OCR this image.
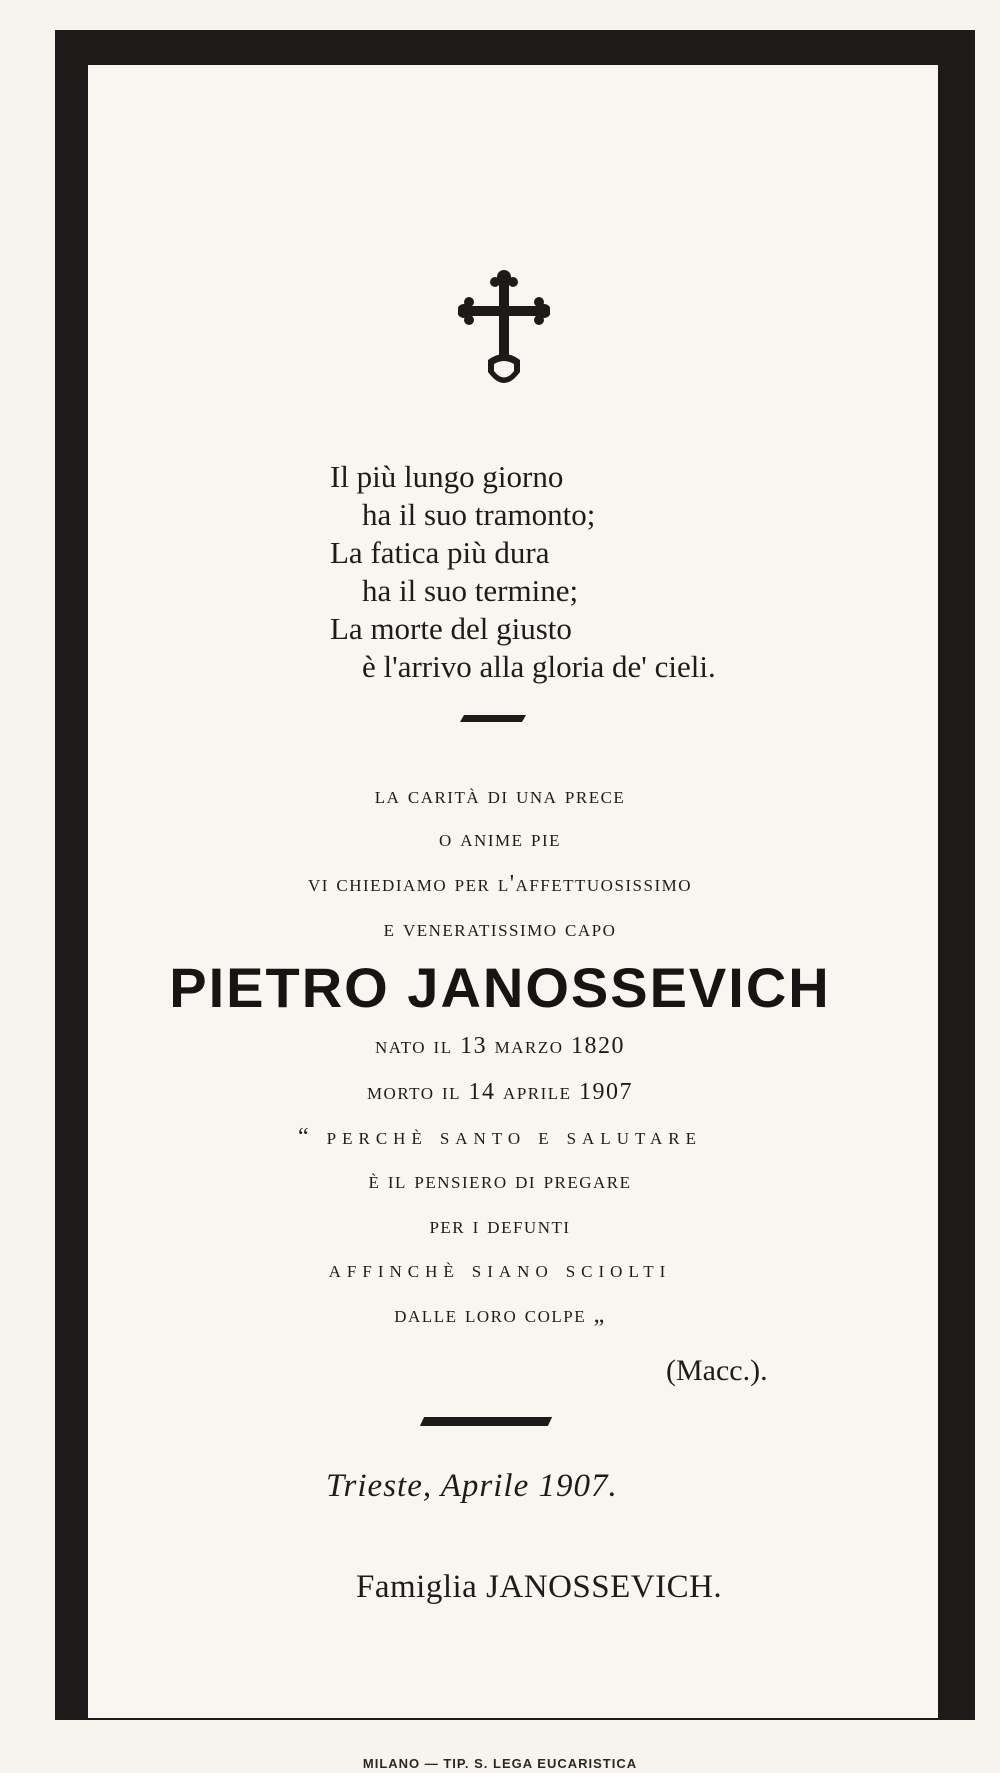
Il più lungo giorno
ha il suo tramonto;
La fatica più dura
ha il suo termine;
La morte del giusto
è l'arrivo alla gloria de' cieli.
la carità di una prece
o anime pie
vi chiediamo per l'affettuosissimo
e veneratissimo capo
PIETRO JANOSSEVICH
nato il 13 marzo 1820
morto il 14 aprile 1907
“ perchè santo e salutare
è il pensiero di pregare
per i defunti
affinchè siano sciolti
dalle loro colpe „
(Macc.).
Trieste, Aprile 1907.
Famiglia JANOSSEVICH.
MILANO — TIP. S. LEGA EUCARISTICA
